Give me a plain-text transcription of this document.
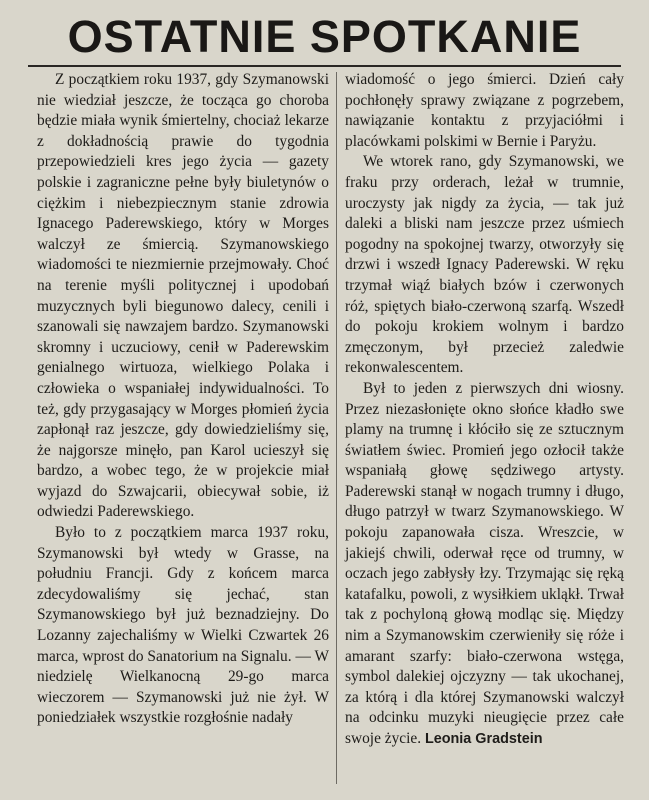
OSTATNIE SPOTKANIE

Z początkiem roku 1937, gdy Szymanowski nie wiedział jeszcze, że tocząca go choroba będzie miała wynik śmiertelny, chociaż lekarze z dokładnością prawie do tygodnia przepowiedzieli kres jego życia — gazety polskie i zagraniczne pełne były biuletynów o ciężkim i niebezpiecznym stanie zdrowia Ignacego Paderewskiego, który w Morges walczył ze śmiercią. Szymanowskiego wiadomości te niezmiernie przejmowały. Choć na terenie myśli politycznej i upodobań muzycznych byli biegunowo dalecy, cenili i szanowali się nawzajem bardzo. Szymanowski skromny i uczuciowy, cenił w Paderewskim genialnego wirtuoza, wielkiego Polaka i człowieka o wspaniałej indywidualności. To też, gdy przygasający w Morges płomień życia zapłonął raz jeszcze, gdy dowiedzieliśmy się, że najgorsze minęło, pan Karol ucieszył się bardzo, a wobec tego, że w projekcie miał wyjazd do Szwajcarii, obiecywał sobie, iż odwiedzi Paderewskiego.

Było to z początkiem marca 1937 roku, Szymanowski był wtedy w Grasse, na południu Francji. Gdy z końcem marca zdecydowaliśmy się jechać, stan Szymanowskiego był już beznadziejny. Do Lozanny zajechaliśmy w Wielki Czwartek 26 marca, wprost do Sanatorium na Signalu. — W niedzielę Wielkanocną 29-go marca wieczorem — Szymanowski już nie żył. W poniedziałek wszystkie rozgłośnie nadały

wiadomość o jego śmierci. Dzień cały pochłonęły sprawy związane z pogrzebem, nawiązanie kontaktu z przyjaciółmi i placówkami polskimi w Bernie i Paryżu.

We wtorek rano, gdy Szymanowski, we fraku przy orderach, leżał w trumnie, uroczysty jak nigdy za życia, — tak już daleki a bliski nam jeszcze przez uśmiech pogodny na spokojnej twarzy, otworzyły się drzwi i wszedł Ignacy Paderewski. W ręku trzymał wiąź białych bzów i czerwonych róż, spiętych biało-czerwoną szarfą. Wszedł do pokoju krokiem wolnym i bardzo zmęczonym, był przecież zaledwie rekonwalescentem.

Był to jeden z pierwszych dni wiosny. Przez niezasłonięte okno słońce kładło swe plamy na trumnę i kłóciło się ze sztucznym światłem świec. Promień jego ozłocił także wspaniałą głowę sędziwego artysty. Paderewski stanął w nogach trumny i długo, długo patrzył w twarz Szymanowskiego. W pokoju zapanowała cisza. Wreszcie, w jakiejś chwili, oderwał ręce od trumny, w oczach jego zabłysły łzy. Trzymając się ręką katafalku, powoli, z wysiłkiem ukląkł. Trwał tak z pochyloną głową modląc się. Między nim a Szymanowskim czerwieniły się róże i amarant szarfy: biało-czerwona wstęga, symbol dalekiej ojczyzny — tak ukochanej, za którą i dla której Szymanowski walczył na odcinku muzyki nieugięcie przez całe swoje życie. Leonia Gradstein
